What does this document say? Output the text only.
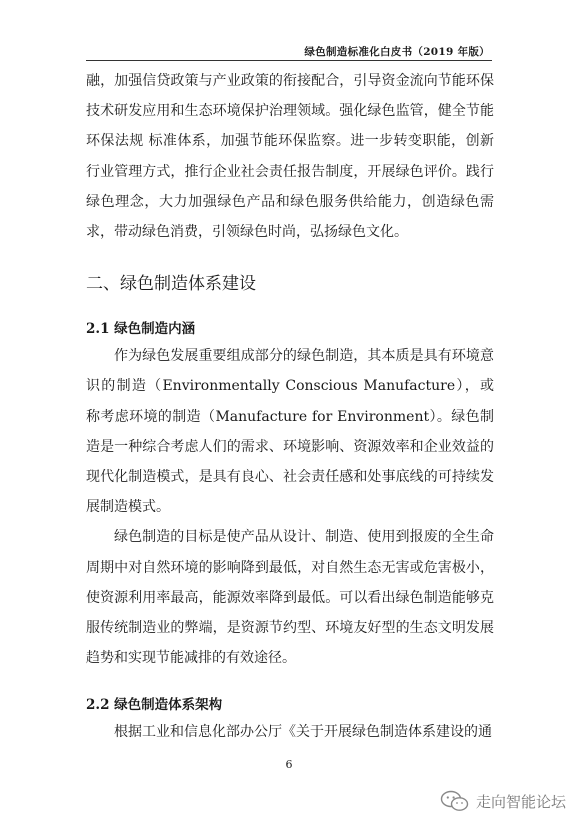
绿色制造标准化白皮书（2019 年版）

融，加强信贷政策与产业政策的衔接配合，引导资金流向节能环保技术研发应用和生态环境保护治理领域。强化绿色监管，健全节能环保法规 标准体系，加强节能环保监察。进一步转变职能，创新行业管理方式，推行企业社会责任报告制度，开展绿色评价。践行绿色理念，大力加强绿色产品和绿色服务供给能力，创造绿色需求，带动绿色消费，引领绿色时尚，弘扬绿色文化。

二、绿色制造体系建设
2.1 绿色制造内涵

作为绿色发展重要组成部分的绿色制造，其本质是具有环境意识的制造（Environmentally Conscious Manufacture），或称考虑环境的制造（Manufacture for Environment）。绿色制造是一种综合考虑人们的需求、环境影响、资源效率和企业效益的现代化制造模式，是具有良心、社会责任感和处事底线的可持续发展制造模式。

绿色制造的目标是使产品从设计、制造、使用到报废的全生命周期中对自然环境的影响降到最低，对自然生态无害或危害极小，使资源利用率最高，能源效率降到最低。可以看出绿色制造能够克服传统制造业的弊端，是资源节约型、环境友好型的生态文明发展趋势和实现节能减排的有效途径。

2.2 绿色制造体系架构

根据工业和信息化部办公厅《关于开展绿色制造体系建设的通

6
走向智能论坛
